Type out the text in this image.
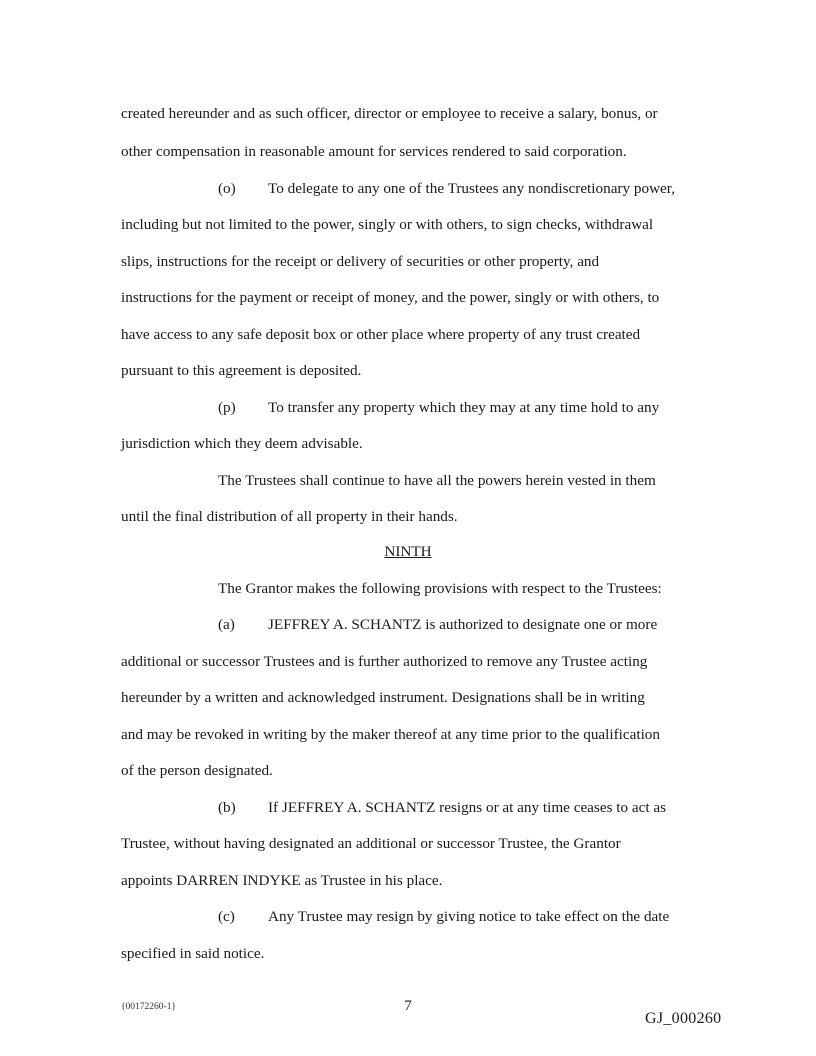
created hereunder and as such officer, director or employee to receive a salary, bonus, or
other compensation in reasonable amount for services rendered to said corporation.
(o) To delegate to any one of the Trustees any nondiscretionary power,
including but not limited to the power, singly or with others, to sign checks, withdrawal
slips, instructions for the receipt or delivery of securities or other property, and
instructions for the payment or receipt of money, and the power, singly or with others, to
have access to any safe deposit box or other place where property of any trust created
pursuant to this agreement is deposited.
(p) To transfer any property which they may at any time hold to any
jurisdiction which they deem advisable.
The Trustees shall continue to have all the powers herein vested in them
until the final distribution of all property in their hands.
NINTH
The Grantor makes the following provisions with respect to the Trustees:
(a) JEFFREY A. SCHANTZ is authorized to designate one or more
additional or successor Trustees and is further authorized to remove any Trustee acting
hereunder by a written and acknowledged instrument. Designations shall be in writing
and may be revoked in writing by the maker thereof at any time prior to the qualification
of the person designated.
(b) If JEFFREY A. SCHANTZ resigns or at any time ceases to act as
Trustee, without having designated an additional or successor Trustee, the Grantor
appoints DARREN INDYKE as Trustee in his place.
(c) Any Trustee may resign by giving notice to take effect on the date
specified in said notice.
{00172260-1}	7
GJ_000260
